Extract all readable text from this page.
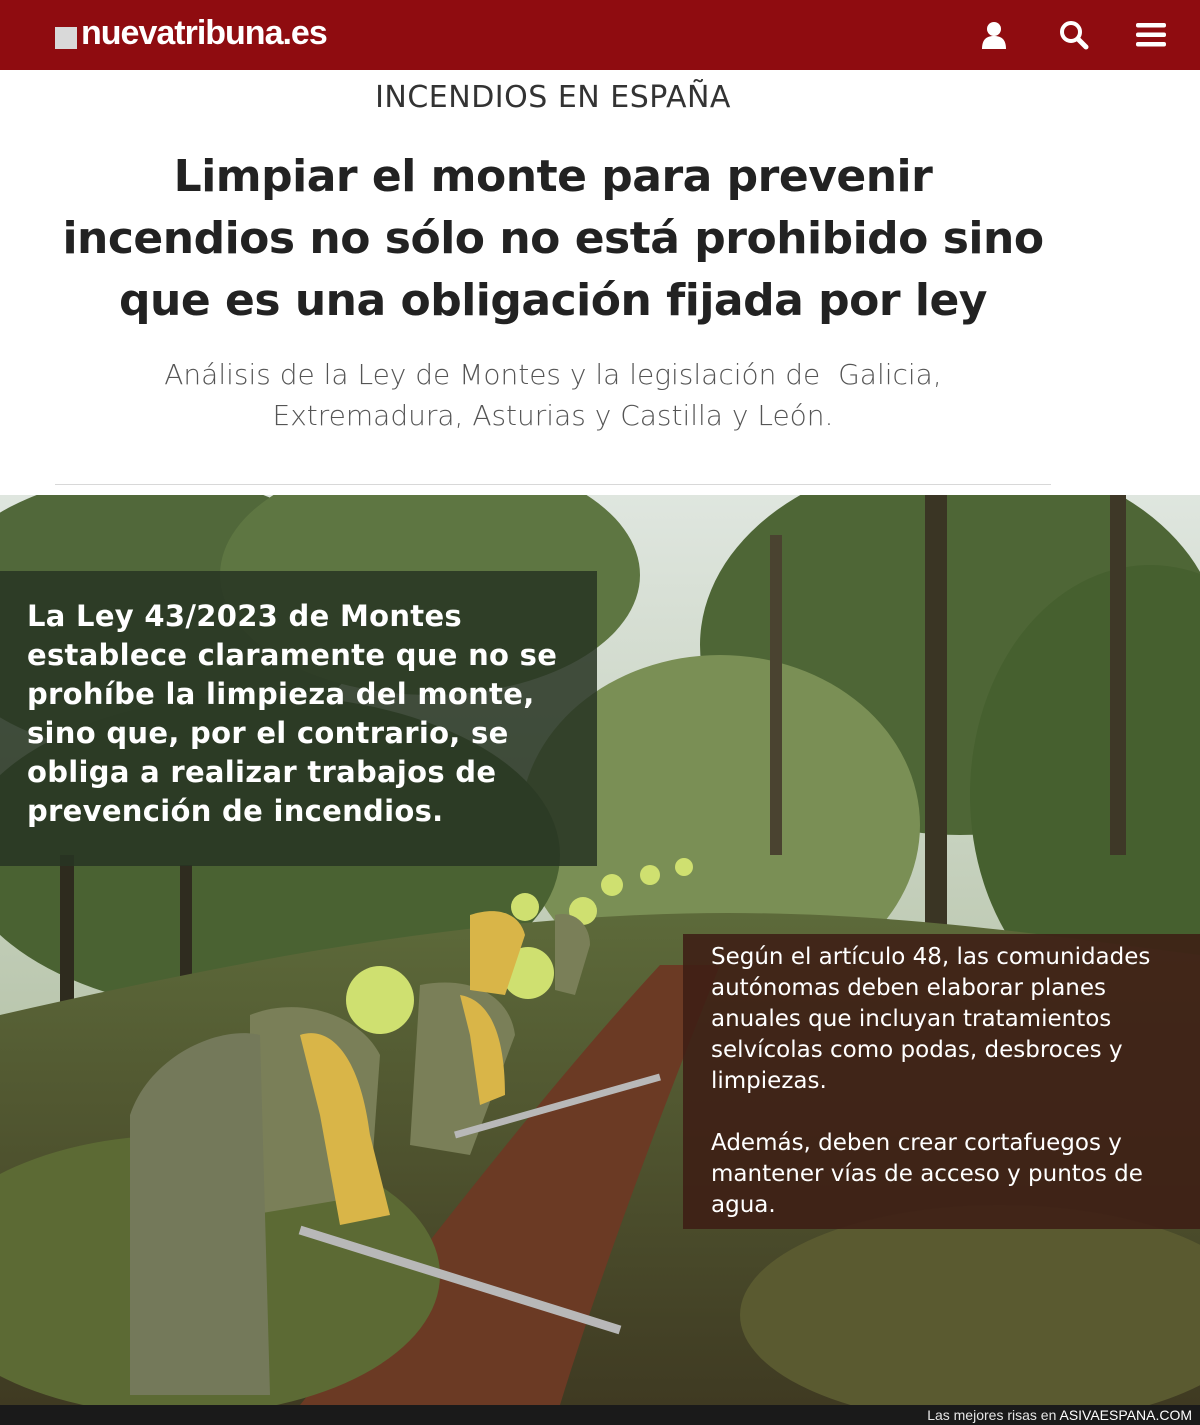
nuevatribuna.es
INCENDIOS EN ESPAÑA
Limpiar el monte para prevenir
incendios no sólo no está prohibido sino
que es una obligación fijada por ley
Análisis de la Ley de Montes y la legislación de  Galicia,
Extremadura, Asturias y Castilla y León.

La Ley 43/2023 de Montes establece claramente que no se prohíbe la limpieza del monte, sino que, por el contrario, se obliga a realizar trabajos de prevención de incendios.

Según el artículo 48, las comunidades autónomas deben elaborar planes anuales que incluyan tratamientos selvícolas como podas, desbroces y limpiezas.

Además, deben crear cortafuegos y mantener vías de acceso y puntos de agua.

Las mejores risas en ASIVAESPANA.COM
